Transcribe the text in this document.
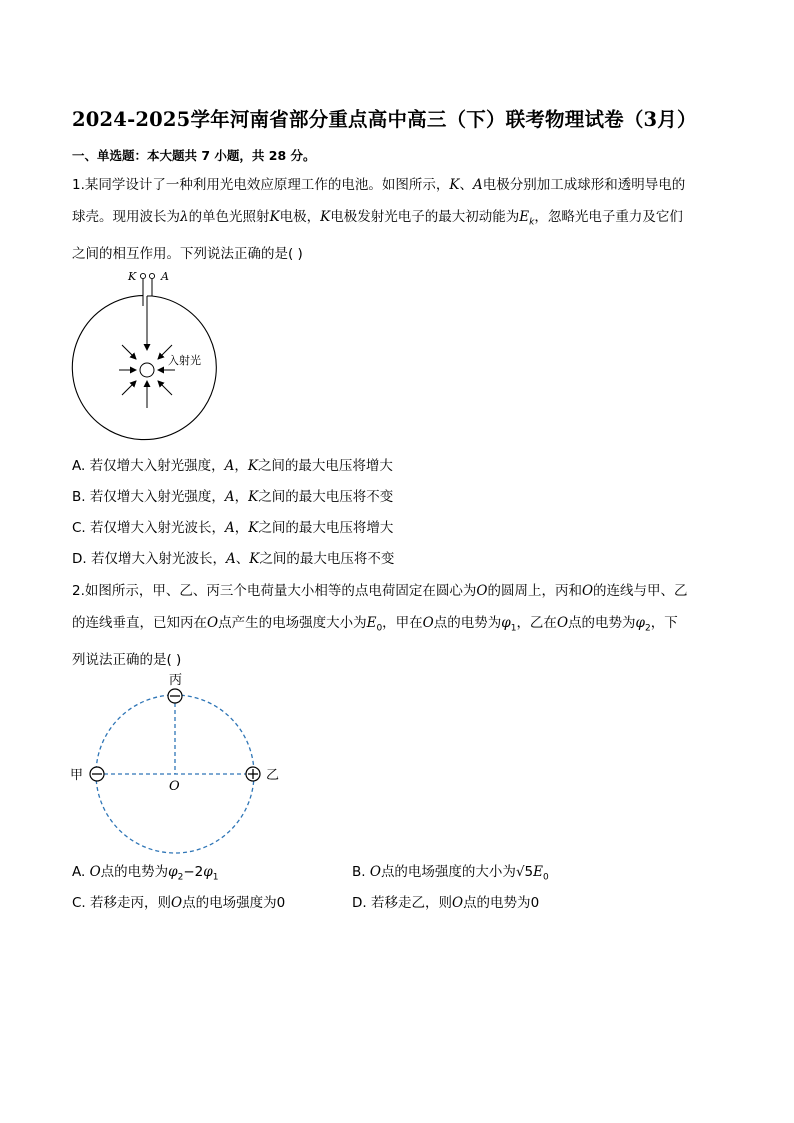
2024-2025学年河南省部分重点高中高三（下）联考物理试卷（3月）
一、单选题：本大题共 7 小题，共 28 分。
1.某同学设计了一种利用光电效应原理工作的电池。如图所示，K、A电极分别加工成球形和透明导电的
球壳。现用波长为λ的单色光照射K电极，K电极发射光电子的最大初动能为$E_k$，忽略光电子重力及它们
之间的相互作用。下列说法正确的是( )
K A
入射光
A. 若仅增大入射光强度，A，K之间的最大电压将增大
B. 若仅增大入射光强度，A，K之间的最大电压将不变
C. 若仅增大入射光波长，A，K之间的最大电压将增大
D. 若仅增大入射光波长，A、K之间的最大电压将不变
2.如图所示，甲、乙、丙三个电荷量大小相等的点电荷固定在圆心为O的圆周上，丙和O的连线与甲、乙
的连线垂直，已知丙在O点产生的电场强度大小为$E_0$，甲在O点的电势为$\varphi_1$，乙在O点的电势为$\varphi_2$，下
列说法正确的是( )
丙
甲	乙
O
A. O点的电势为$\varphi_2-2\varphi_1$	B. O点的电场强度的大小为$√5E_0$
C. 若移走丙，则O点的电场强度为0	D. 若移走乙，则O点的电势为0
